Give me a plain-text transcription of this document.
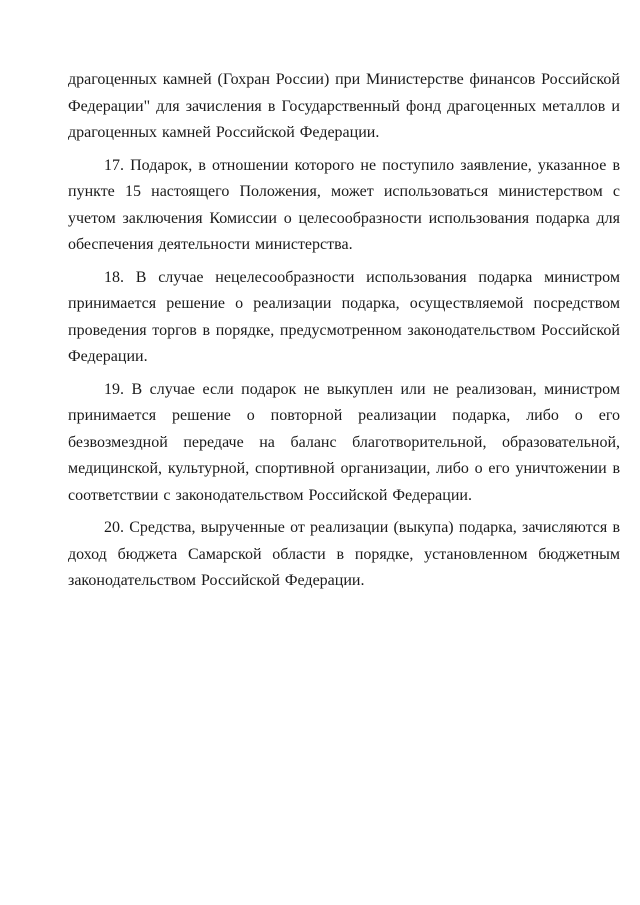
драгоценных камней (Гохран России) при Министерстве финансов Российской Федерации" для зачисления в Государственный фонд драгоценных металлов и драгоценных камней Российской Федерации.

17. Подарок, в отношении которого не поступило заявление, указанное в пункте 15 настоящего Положения, может использоваться министерством с учетом заключения Комиссии о целесообразности использования подарка для обеспечения деятельности министерства.

18. В случае нецелесообразности использования подарка министром принимается решение о реализации подарка, осуществляемой посредством проведения торгов в порядке, предусмотренном законодательством Российской Федерации.

19. В случае если подарок не выкуплен или не реализован, министром принимается решение о повторной реализации подарка, либо о его безвозмездной передаче на баланс благотворительной, образовательной, медицинской, культурной, спортивной организации, либо о его уничтожении в соответствии с законодательством Российской Федерации.

20. Средства, вырученные от реализации (выкупа) подарка, зачисляются в доход бюджета Самарской области в порядке, установленном бюджетным законодательством Российской Федерации.
